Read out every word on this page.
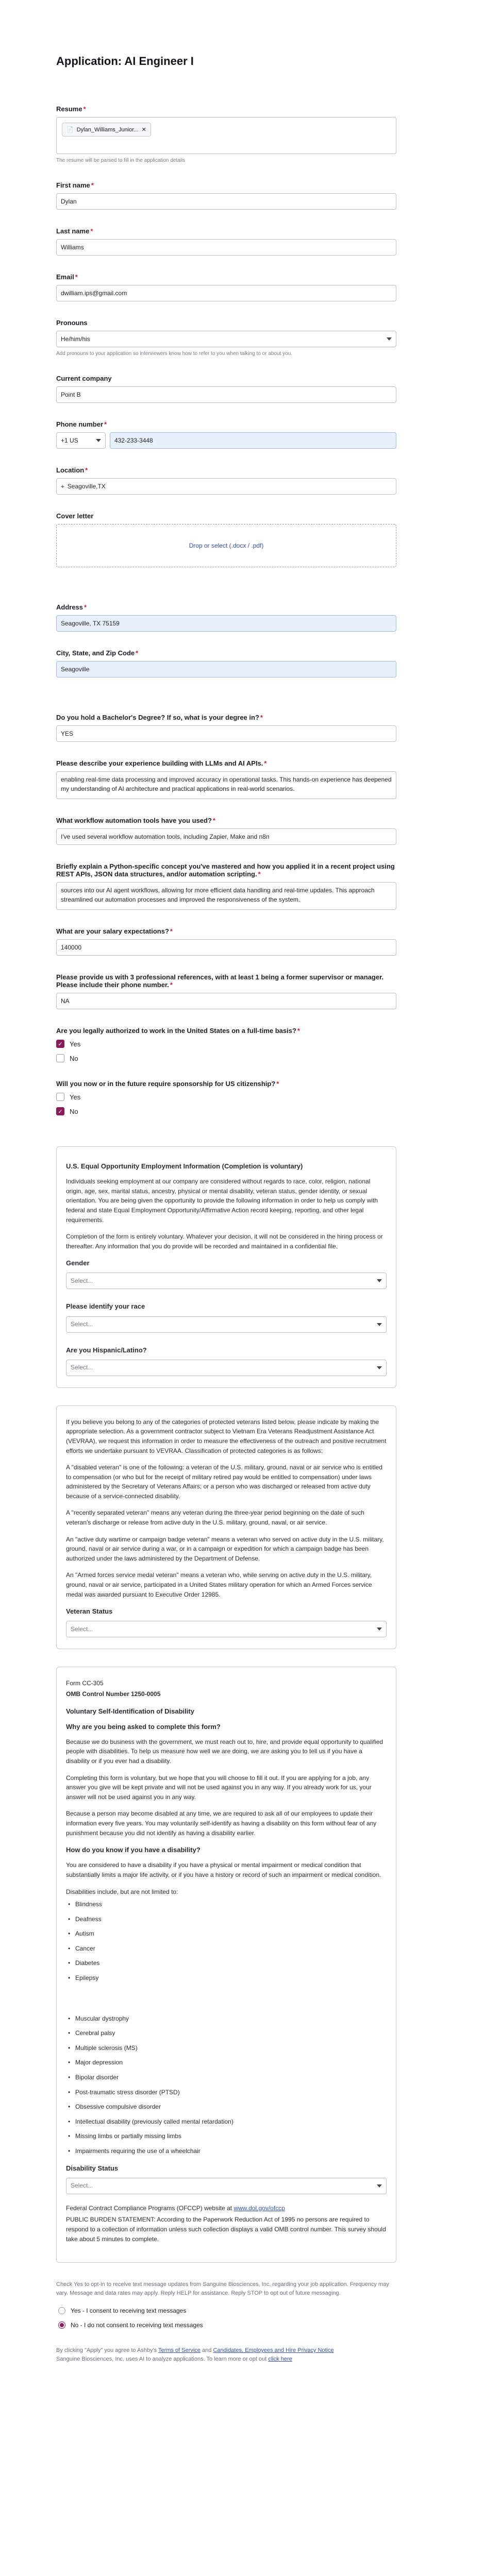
Application: AI Engineer I
Resume *
📄 Dylan_Williams_Junior... ✕
The resume will be parsed to fill in the application details
First name *
Dylan
Last name *
Williams
Email *
dwilliam.ips@gmail.com
Pronouns
He/him/his
Add pronouns to your application so interviewers know how to refer to you when talking to or about you.
Current company
Point B
Phone number *
+1 US	432-233-3448
Location *
⌖ Seagoville,TX
Cover letter
Drop or select (.docx / .pdf)
Address *
Seagoville, TX 75159
City, State, and Zip Code *
Seagoville
Do you hold a Bachelor's Degree? If so, what is your degree in? *
YES
Please describe your experience building with LLMs and AI APIs. *
enabling real-time data processing and improved accuracy in operational tasks. This hands-on experience has deepened my understanding of AI architecture and practical applications in real-world scenarios.
What workflow automation tools have you used? *
I've used several workflow automation tools, including Zapier, Make and n8n
Briefly explain a Python-specific concept you've mastered and how you applied it in a recent project using REST APIs, JSON data structures, and/or automation scripting. *
sources into our AI agent workflows, allowing for more efficient data handling and real-time updates. This approach streamlined our automation processes and improved the responsiveness of the system.
What are your salary expectations? *
140000
Please provide us with 3 professional references, with at least 1 being a former supervisor or manager. Please include their phone number. *
NA
Are you legally authorized to work in the United States on a full-time basis? *
✓ Yes
No
Will you now or in the future require sponsorship for US citizenship? *
Yes
✓ No
U.S. Equal Opportunity Employment Information (Completion is voluntary)

Individuals seeking employment at our company are considered without regards to race, color, religion, national origin, age, sex, marital status, ancestry, physical or mental disability, veteran status, gender identity, or sexual orientation. You are being given the opportunity to provide the following information in order to help us comply with federal and state Equal Employment Opportunity/Affirmative Action record keeping, reporting, and other legal requirements.

Completion of the form is entirely voluntary. Whatever your decision, it will not be considered in the hiring process or thereafter. Any information that you do provide will be recorded and maintained in a confidential file.

Gender
Select...
Please identify your race
Select...
Are you Hispanic/Latino?
Select...

If you believe you belong to any of the categories of protected veterans listed below, please indicate by making the appropriate selection. As a government contractor subject to Vietnam Era Veterans Readjustment Assistance Act (VEVRAA), we request this information in order to measure the effectiveness of the outreach and positive recruitment efforts we undertake pursuant to VEVRAA. Classification of protected categories is as follows:

A "disabled veteran" is one of the following: a veteran of the U.S. military, ground, naval or air service who is entitled to compensation (or who but for the receipt of military retired pay would be entitled to compensation) under laws administered by the Secretary of Veterans Affairs; or a person who was discharged or released from active duty because of a service-connected disability.

A "recently separated veteran" means any veteran during the three-year period beginning on the date of such veteran's discharge or release from active duty in the U.S. military, ground, naval, or air service.

An "active duty wartime or campaign badge veteran" means a veteran who served on active duty in the U.S. military, ground, naval or air service during a war, or in a campaign or expedition for which a campaign badge has been authorized under the laws administered by the Department of Defense.

An "Armed forces service medal veteran" means a veteran who, while serving on active duty in the U.S. military, ground, naval or air service, participated in a United States military operation for which an Armed Forces service medal was awarded pursuant to Executive Order 12985.

Veteran Status
Select...

Form CC-305

OMB Control Number 1250-0005

Voluntary Self-Identification of Disability
Why are you being asked to complete this form?

Because we do business with the government, we must reach out to, hire, and provide equal opportunity to qualified people with disabilities. To help us measure how well we are doing, we are asking you to tell us if you have a disability or if you ever had a disability.

Completing this form is voluntary, but we hope that you will choose to fill it out. If you are applying for a job, any answer you give will be kept private and will not be used against you in any way. If you already work for us, your answer will not be used against you in any way.

Because a person may become disabled at any time, we are required to ask all of our employees to update their information every five years. You may voluntarily self-identify as having a disability on this form without fear of any punishment because you did not identify as having a disability earlier.

How do you know if you have a disability?

You are considered to have a disability if you have a physical or mental impairment or medical condition that substantially limits a major life activity, or if you have a history or record of such an impairment or medical condition.

Disabilities include, but are not limited to:

• Blindness
• Deafness
• Autism
• Cancer
• Diabetes
• Epilepsy
• Muscular dystrophy
• Cerebral palsy
• Multiple sclerosis (MS)
• Major depression
• Bipolar disorder
• Post-traumatic stress disorder (PTSD)
• Obsessive compulsive disorder
• Intellectual disability (previously called mental retardation)
• Missing limbs or partially missing limbs
• Impairments requiring the use of a wheelchair
Disability Status
Select...

Federal Contract Compliance Programs (OFCCP) website at www.dol.gov/ofccp

PUBLIC BURDEN STATEMENT: According to the Paperwork Reduction Act of 1995 no persons are required to respond to a collection of information unless such collection displays a valid OMB control number. This survey should take about 5 minutes to complete.

Check Yes to opt-in to receive text message updates from Sanguine Biosciences, Inc. regarding your job application. Frequency may vary. Message and data rates may apply. Reply HELP for assistance. Reply STOP to opt out of future messaging.
Yes - I consent to receiving text messages
No - I do not consent to receiving text messages
By clicking "Apply" you agree to Ashby's Terms of Service and Candidates, Employees and Hire Privacy Notice
Sanguine Biosciences, Inc. uses AI to analyze applications. To learn more or opt out click here
